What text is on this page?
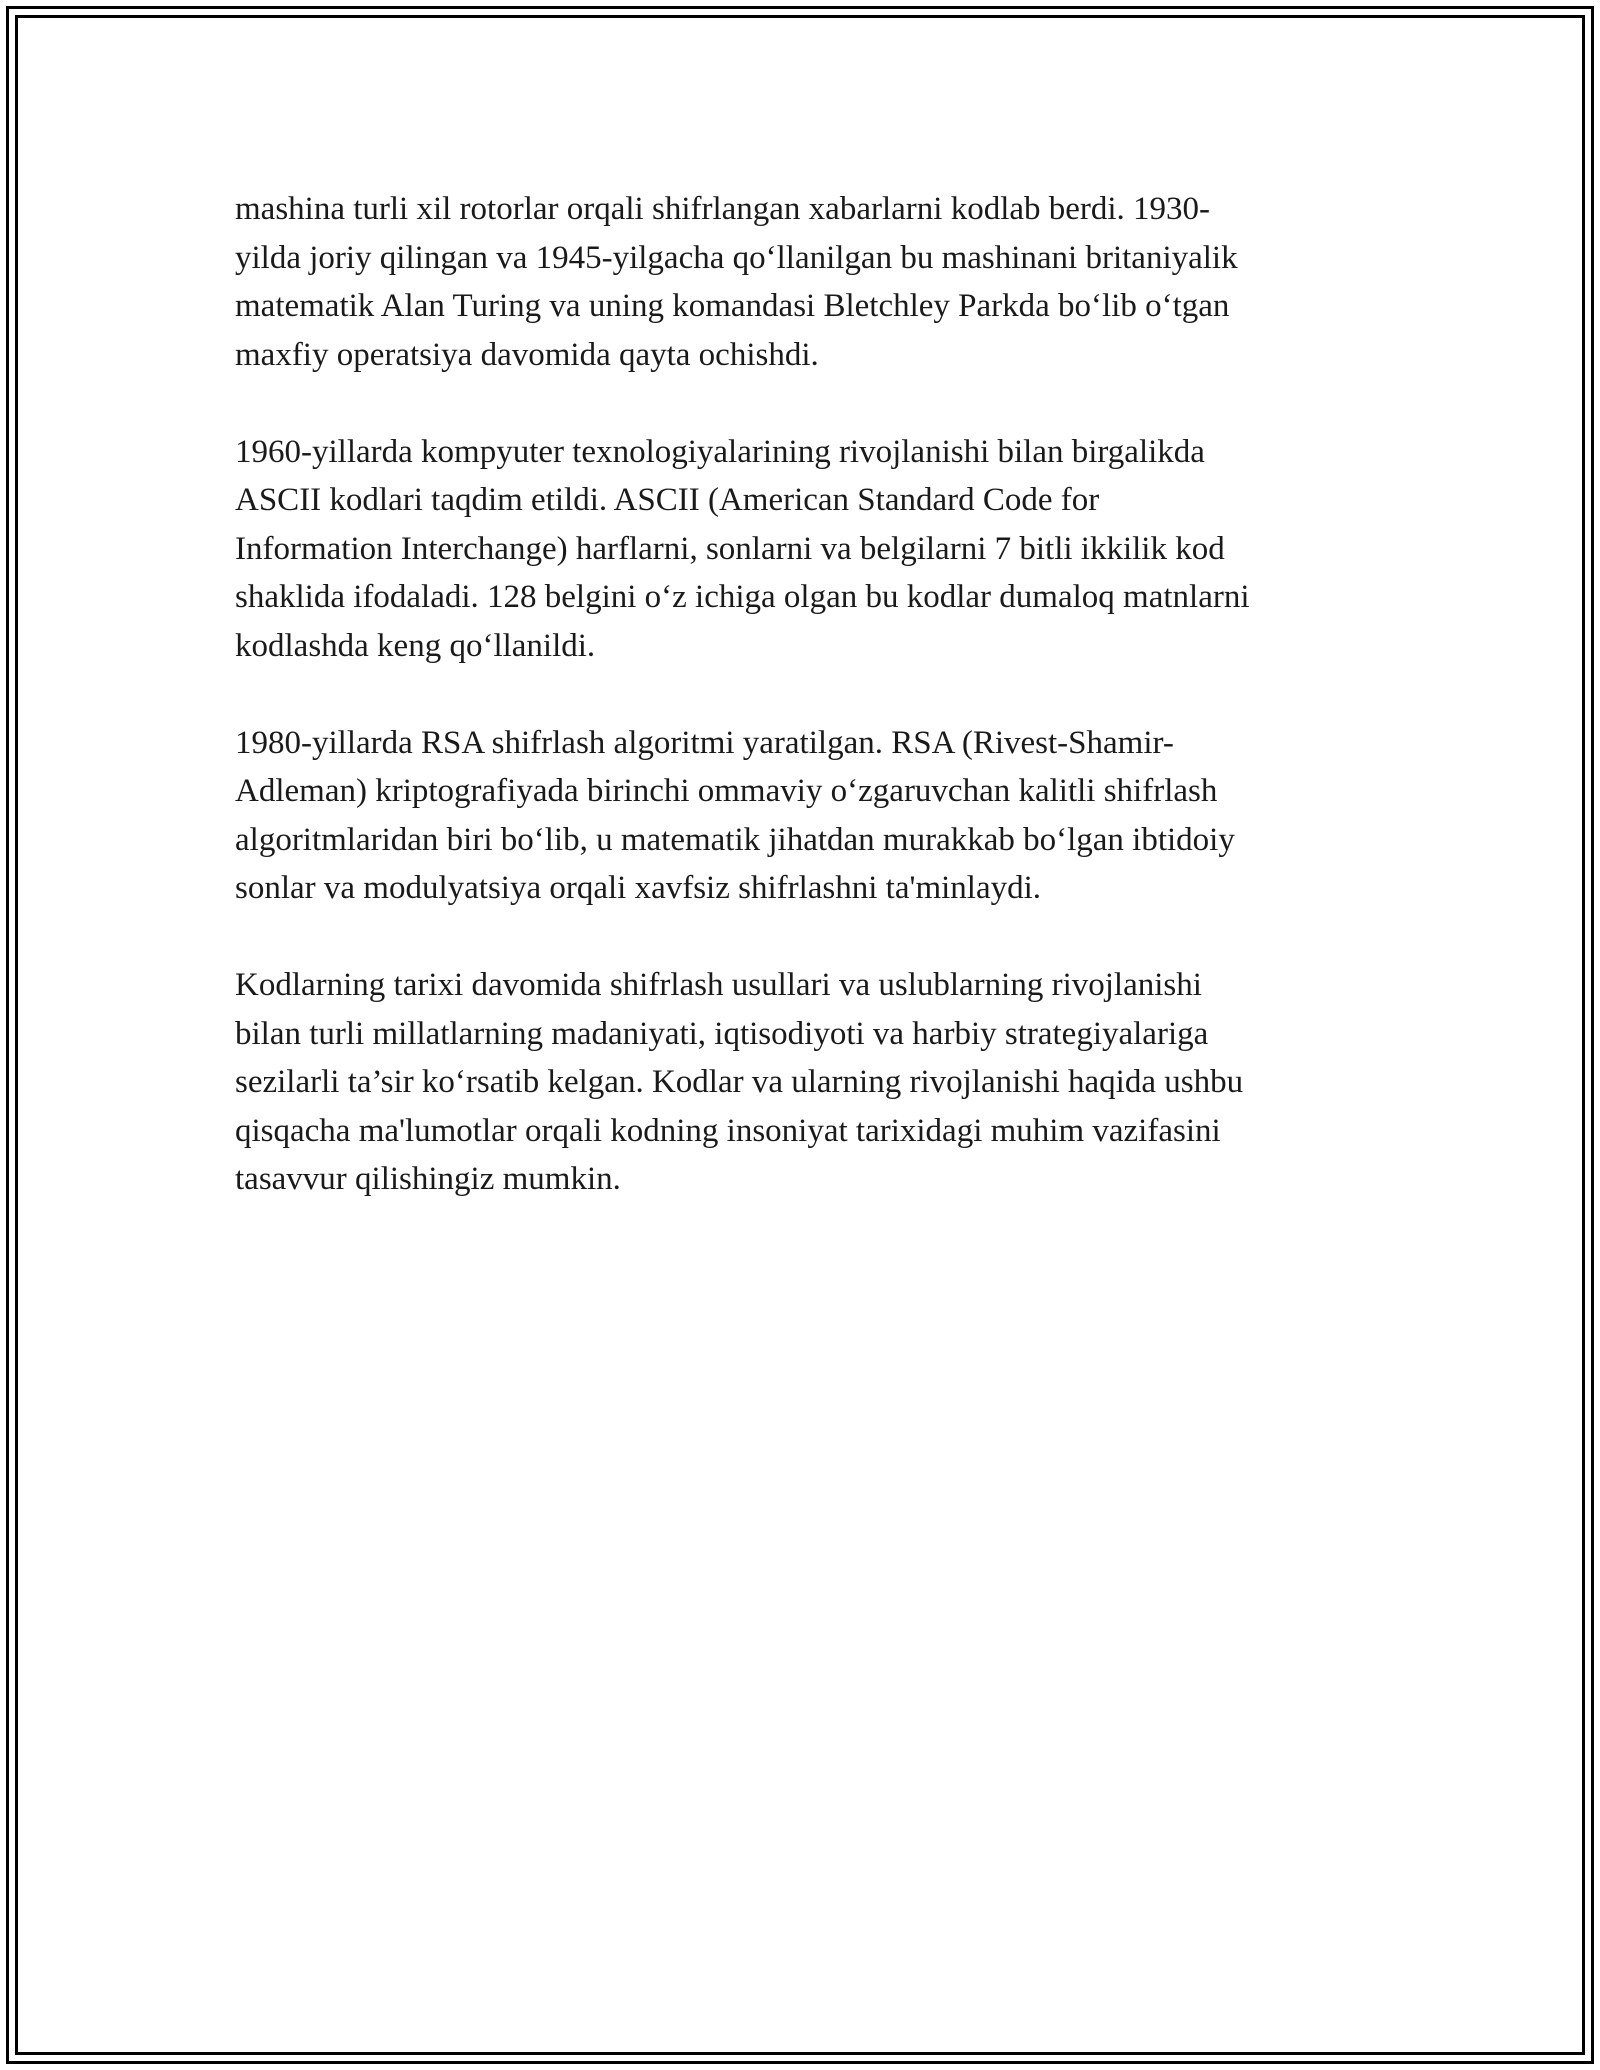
mashina turli xil rotorlar orqali shifrlangan xabarlarni kodlab berdi. 1930-
yilda joriy qilingan va 1945-yilgacha qo‘llanilgan bu mashinani britaniyalik
matematik Alan Turing va uning komandasi Bletchley Parkda bo‘lib o‘tgan
maxfiy operatsiya davomida qayta ochishdi.

1960-yillarda kompyuter texnologiyalarining rivojlanishi bilan birgalikda
ASCII kodlari taqdim etildi. ASCII (American Standard Code for
Information Interchange) harflarni, sonlarni va belgilarni 7 bitli ikkilik kod
shaklida ifodaladi. 128 belgini o‘z ichiga olgan bu kodlar dumaloq matnlarni
kodlashda keng qo‘llanildi.

1980-yillarda RSA shifrlash algoritmi yaratilgan. RSA (Rivest-Shamir-
Adleman) kriptografiyada birinchi ommaviy o‘zgaruvchan kalitli shifrlash
algoritmlaridan biri bo‘lib, u matematik jihatdan murakkab bo‘lgan ibtidoiy
sonlar va modulyatsiya orqali xavfsiz shifrlashni ta'minlaydi.

Kodlarning tarixi davomida shifrlash usullari va uslublarning rivojlanishi
bilan turli millatlarning madaniyati, iqtisodiyoti va harbiy strategiyalariga
sezilarli ta’sir ko‘rsatib kelgan. Kodlar va ularning rivojlanishi haqida ushbu
qisqacha ma'lumotlar orqali kodning insoniyat tarixidagi muhim vazifasini
tasavvur qilishingiz mumkin.
